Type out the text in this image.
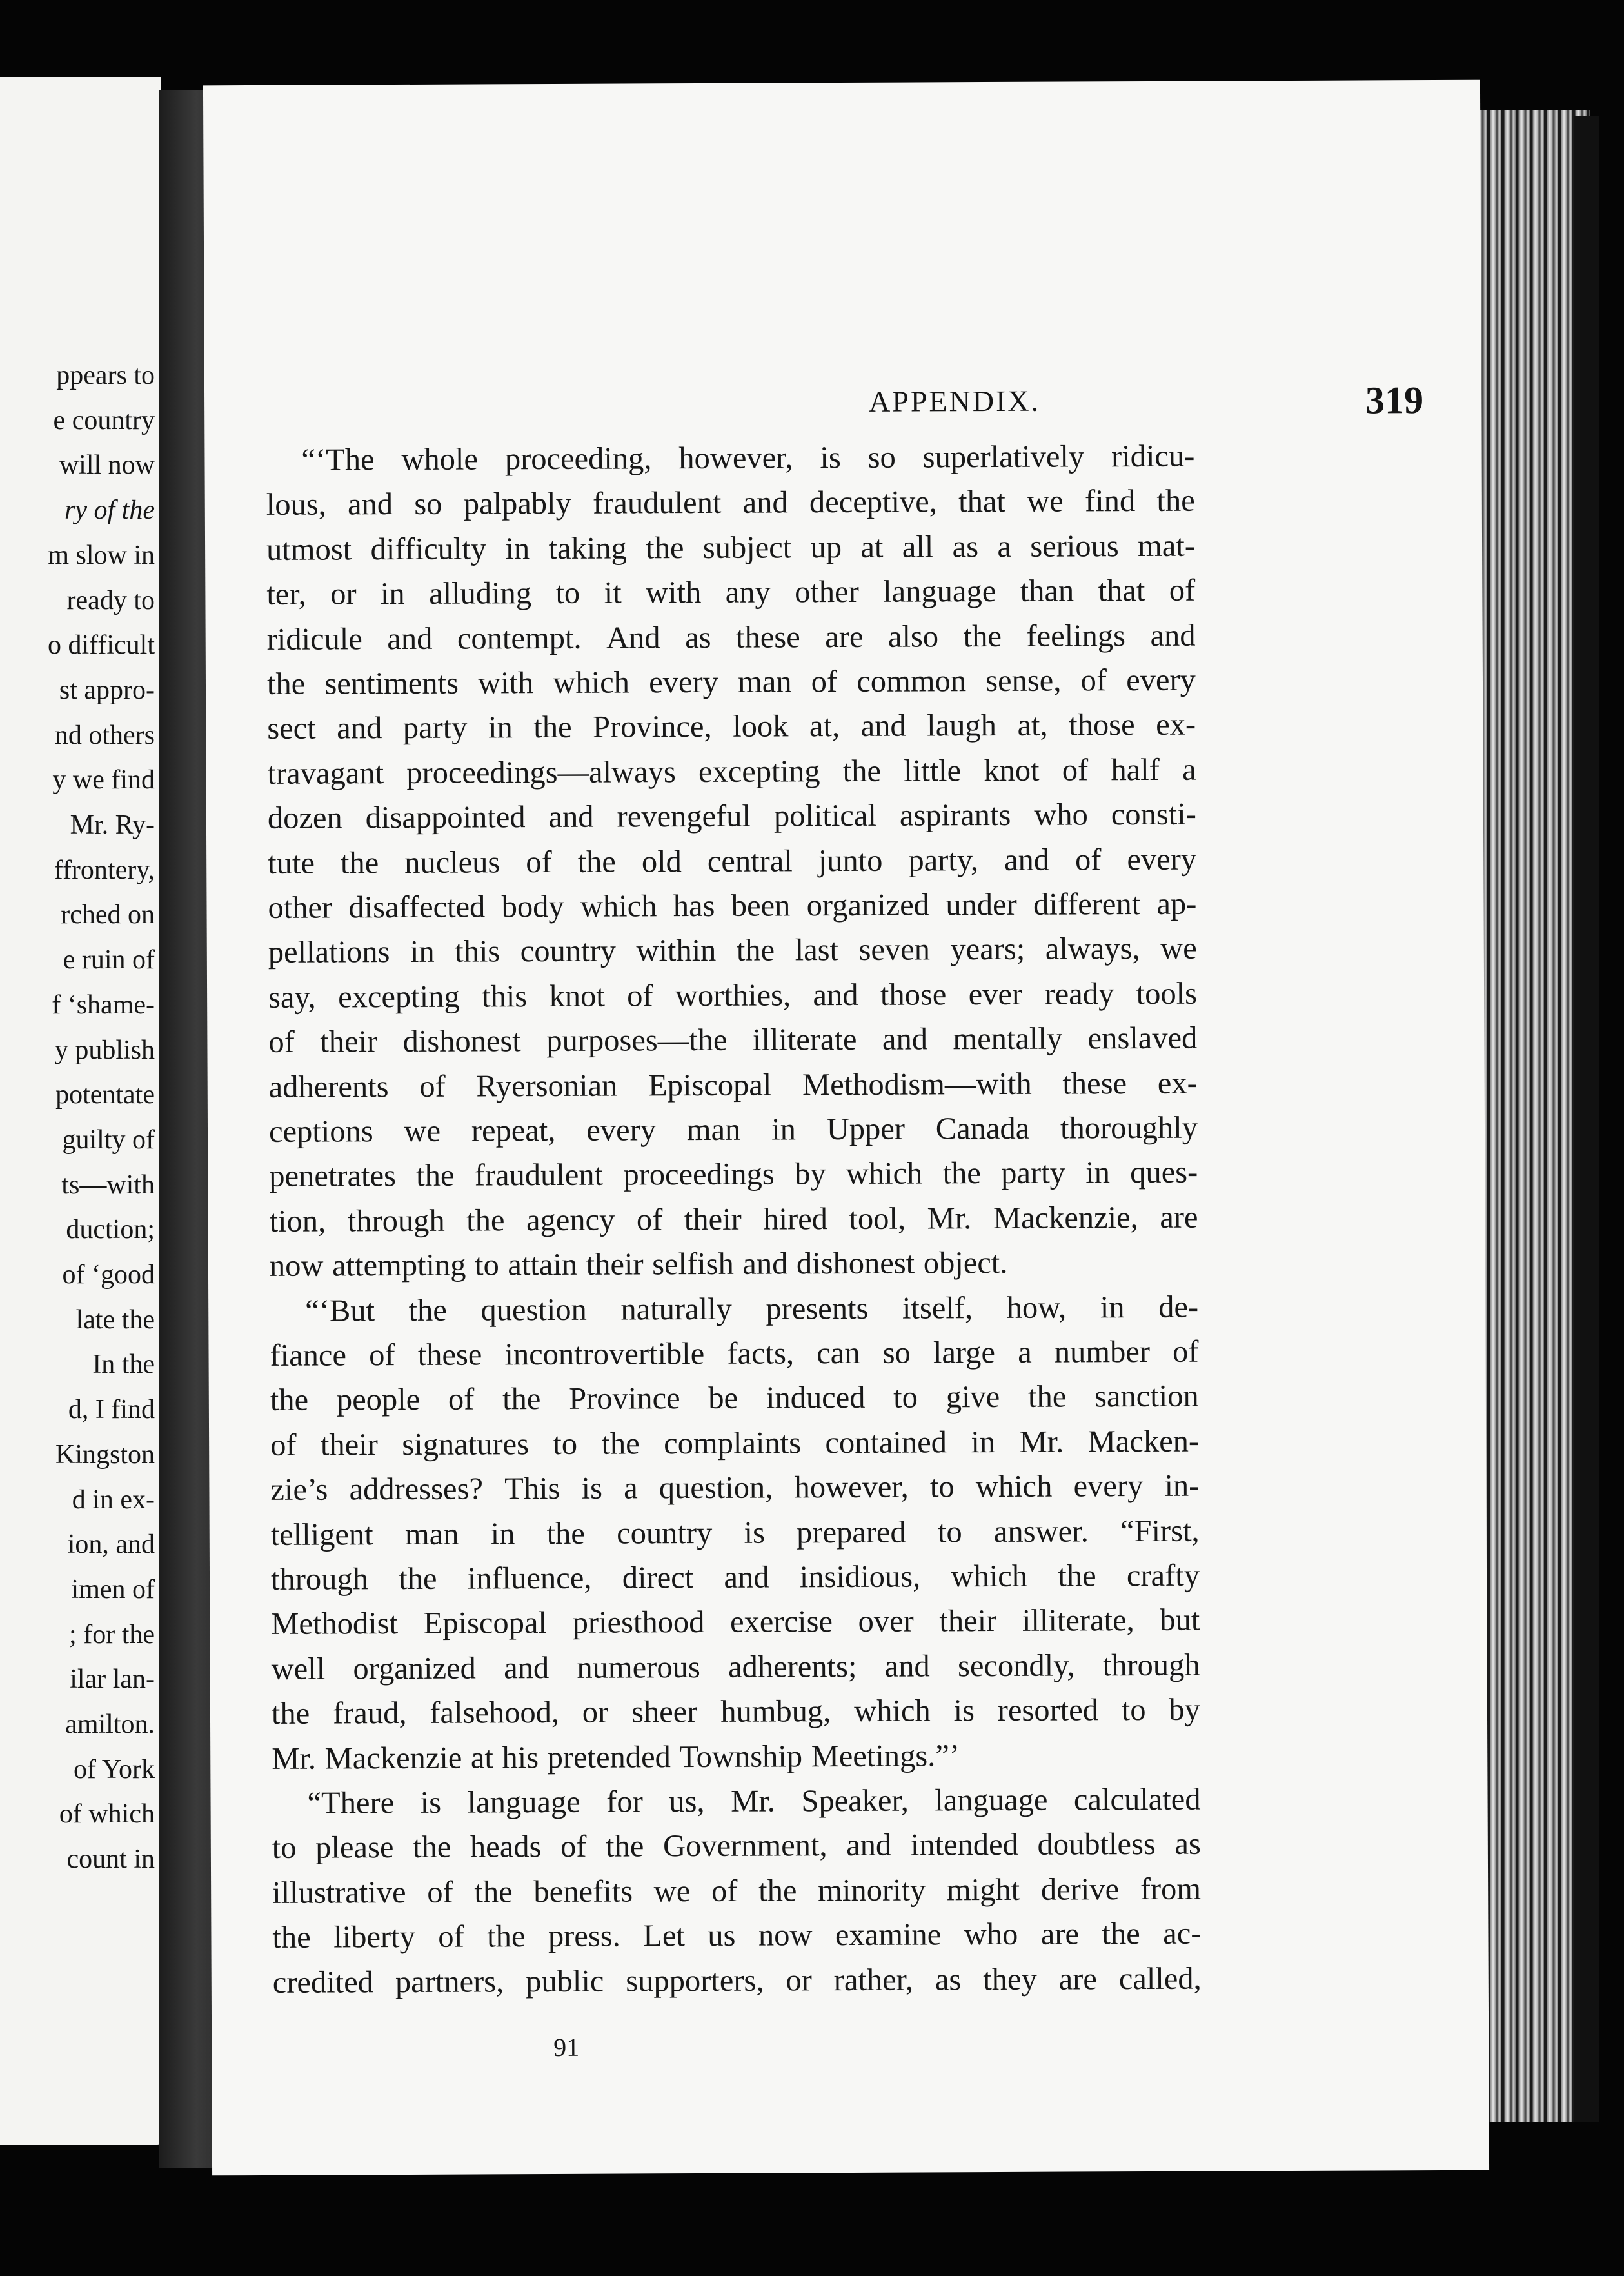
ppears to
e country
will now
ry of the
m slow in
ready to
o difficult
st appro-
nd others
y we find
Mr. Ry-
ffrontery,
rched on
e ruin of
f ‘shame-
y publish
potentate
guilty of
ts—with
duction;
of ‘good
late the
In the
d, I find
Kingston
d in ex-
ion, and
imen of
; for the
ilar lan-
amilton.
of York
of which
count in
APPENDIX.	319
“‘The whole proceeding, however, is so superlatively ridicu-
lous, and so palpably fraudulent and deceptive, that we find the
utmost difficulty in taking the subject up at all as a serious mat-
ter, or in alluding to it with any other language than that of
ridicule and contempt. And as these are also the feelings and
the sentiments with which every man of common sense, of every
sect and party in the Province, look at, and laugh at, those ex-
travagant proceedings—always excepting the little knot of half a
dozen disappointed and revengeful political aspirants who consti-
tute the nucleus of the old central junto party, and of every
other disaffected body which has been organized under different ap-
pellations in this country within the last seven years; always, we
say, excepting this knot of worthies, and those ever ready tools
of their dishonest purposes—the illiterate and mentally enslaved
adherents of Ryersonian Episcopal Methodism—with these ex-
ceptions we repeat, every man in Upper Canada thoroughly
penetrates the fraudulent proceedings by which the party in ques-
tion, through the agency of their hired tool, Mr. Mackenzie, are
now attempting to attain their selfish and dishonest object.
“‘But the question naturally presents itself, how, in de-
fiance of these incontrovertible facts, can so large a number of
the people of the Province be induced to give the sanction
of their signatures to the complaints contained in Mr. Macken-
zie’s addresses? This is a question, however, to which every in-
telligent man in the country is prepared to answer. “First,
through the influence, direct and insidious, which the crafty
Methodist Episcopal priesthood exercise over their illiterate, but
well organized and numerous adherents; and secondly, through
the fraud, falsehood, or sheer humbug, which is resorted to by
Mr. Mackenzie at his pretended Township Meetings.”’
“There is language for us, Mr. Speaker, language calculated
to please the heads of the Government, and intended doubtless as
illustrative of the benefits we of the minority might derive from
the liberty of the press. Let us now examine who are the ac-
credited partners, public supporters, or rather, as they are called,
91
